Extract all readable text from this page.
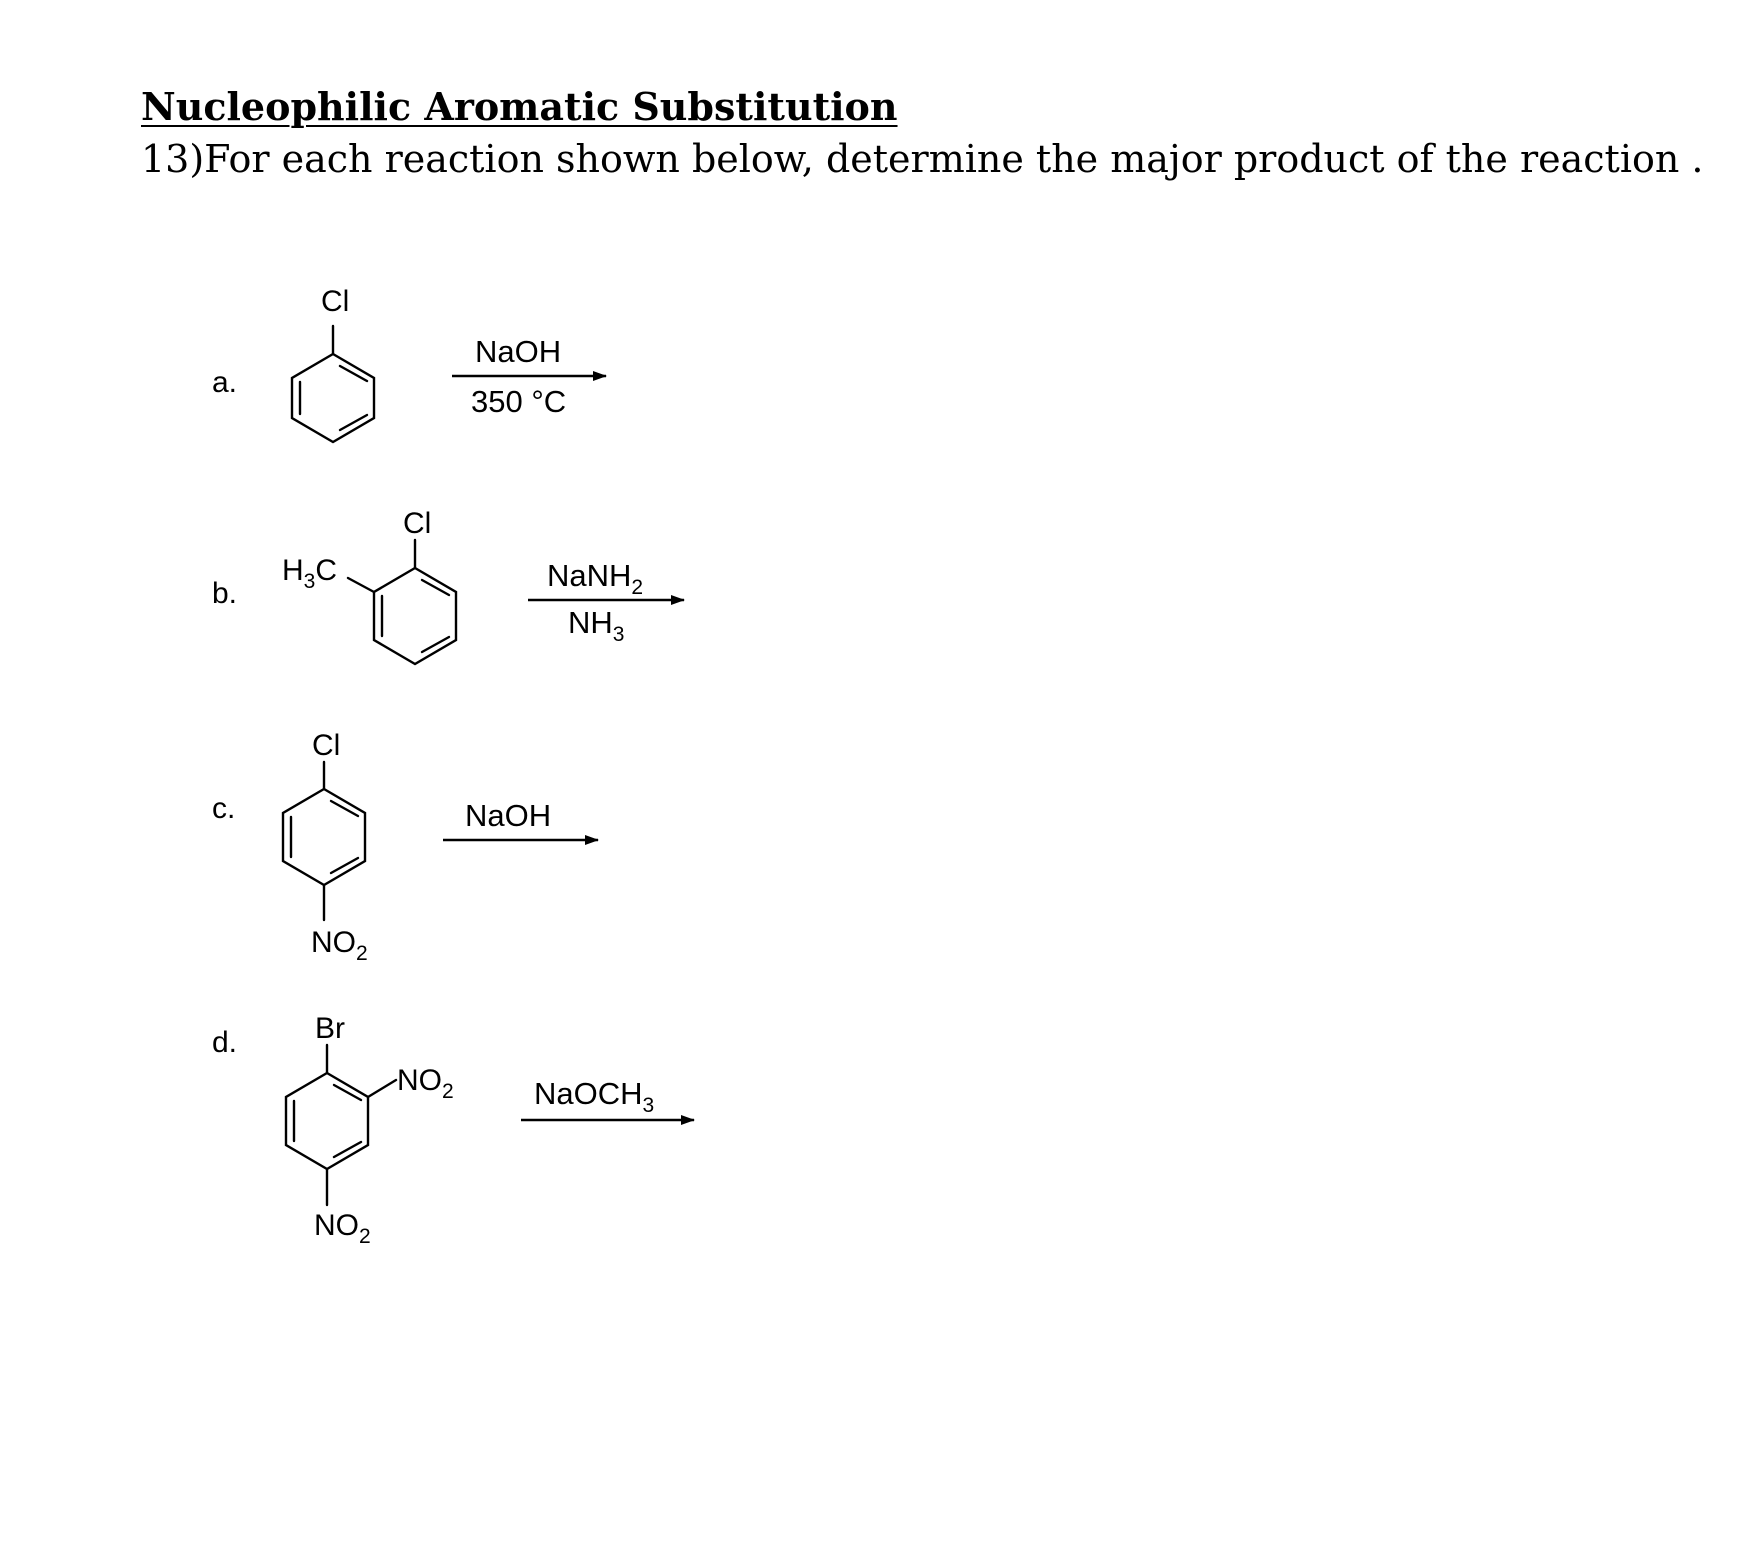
Nucleophilic Aromatic Substitution

13)For each reaction shown below, determine the major product of the reaction .

a.
Cl
NaOH
350 °C
b.
Cl
$H_3C$	NaNH$_2$
$NH_3$
c.
Cl
$NO_2$
NaOH
d.	Br
$NO_2$
$NO_2$
NaOCH$_3$
